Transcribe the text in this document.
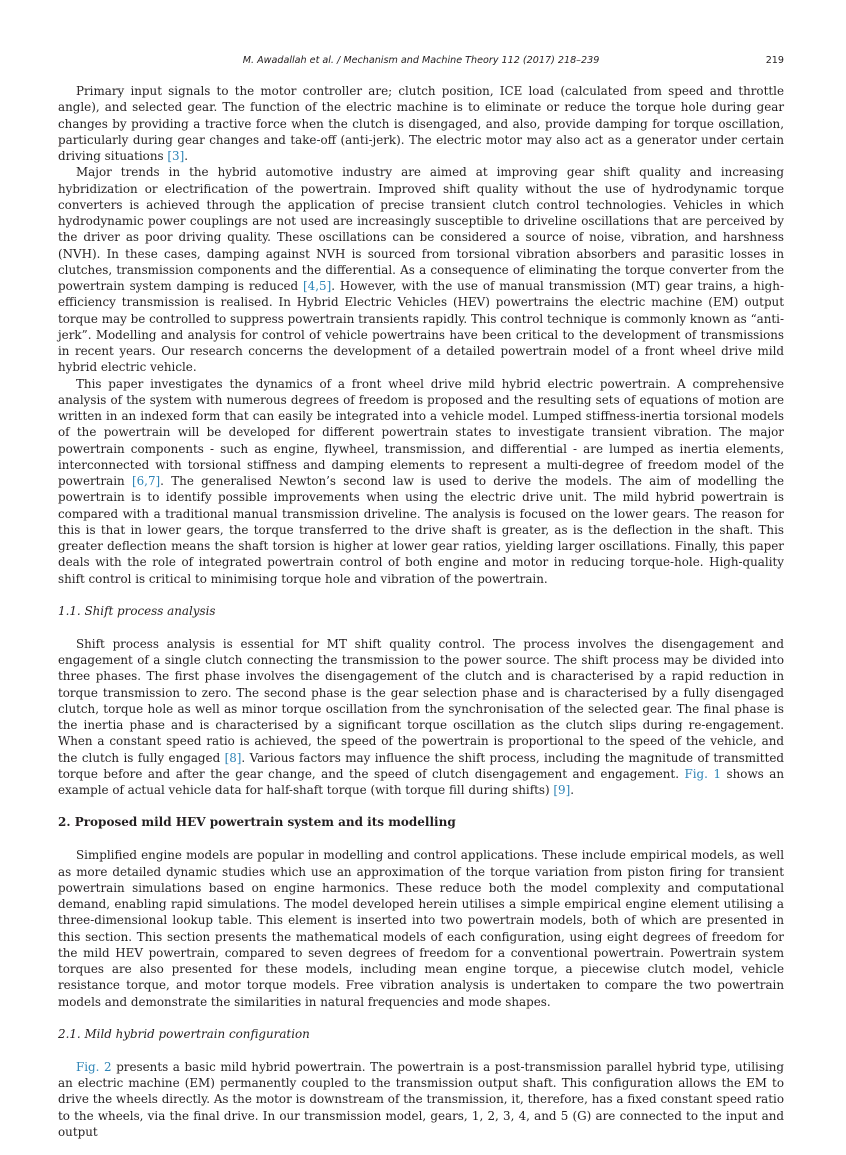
M. Awadallah et al. / Mechanism and Machine Theory 112 (2017) 218–239	219

Primary input signals to the motor controller are; clutch position, ICE load (calculated from speed and throttle angle), and selected gear. The function of the electric machine is to eliminate or reduce the torque hole during gear changes by providing a tractive force when the clutch is disengaged, and also, provide damping for torque oscillation, particularly during gear changes and take-off (anti-jerk). The electric motor may also act as a generator under certain driving situations [3].

Major trends in the hybrid automotive industry are aimed at improving gear shift quality and increasing hybridization or electrification of the powertrain. Improved shift quality without the use of hydrodynamic torque converters is achieved through the application of precise transient clutch control technologies. Vehicles in which hydrodynamic power couplings are not used are increasingly susceptible to driveline oscillations that are perceived by the driver as poor driving quality. These oscillations can be considered a source of noise, vibration, and harshness (NVH). In these cases, damping against NVH is sourced from torsional vibration absorbers and parasitic losses in clutches, transmission components and the differential. As a consequence of eliminating the torque converter from the powertrain system damping is reduced [4,5]. However, with the use of manual transmission (MT) gear trains, a high-efficiency transmission is realised. In Hybrid Electric Vehicles (HEV) powertrains the electric machine (EM) output torque may be controlled to suppress powertrain transients rapidly. This control technique is commonly known as “anti-jerk”. Modelling and analysis for control of vehicle powertrains have been critical to the development of transmissions in recent years. Our research concerns the development of a detailed powertrain model of a front wheel drive mild hybrid electric vehicle.

This paper investigates the dynamics of a front wheel drive mild hybrid electric powertrain. A comprehensive analysis of the system with numerous degrees of freedom is proposed and the resulting sets of equations of motion are written in an indexed form that can easily be integrated into a vehicle model. Lumped stiffness-inertia torsional models of the powertrain will be developed for different powertrain states to investigate transient vibration. The major powertrain components - such as engine, flywheel, transmission, and differential - are lumped as inertia elements, interconnected with torsional stiffness and damping elements to represent a multi-degree of freedom model of the powertrain [6,7]. The generalised Newton’s second law is used to derive the models. The aim of modelling the powertrain is to identify possible improvements when using the electric drive unit. The mild hybrid powertrain is compared with a traditional manual transmission driveline. The analysis is focused on the lower gears. The reason for this is that in lower gears, the torque transferred to the drive shaft is greater, as is the deflection in the shaft. This greater deflection means the shaft torsion is higher at lower gear ratios, yielding larger oscillations. Finally, this paper deals with the role of integrated powertrain control of both engine and motor in reducing torque-hole. High-quality shift control is critical to minimising torque hole and vibration of the powertrain.

1.1. Shift process analysis

Shift process analysis is essential for MT shift quality control. The process involves the disengagement and engagement of a single clutch connecting the transmission to the power source. The shift process may be divided into three phases. The first phase involves the disengagement of the clutch and is characterised by a rapid reduction in torque transmission to zero. The second phase is the gear selection phase and is characterised by a fully disengaged clutch, torque hole as well as minor torque oscillation from the synchronisation of the selected gear. The final phase is the inertia phase and is characterised by a significant torque oscillation as the clutch slips during re-engagement. When a constant speed ratio is achieved, the speed of the powertrain is proportional to the speed of the vehicle, and the clutch is fully engaged [8]. Various factors may influence the shift process, including the magnitude of transmitted torque before and after the gear change, and the speed of clutch disengagement and engagement. Fig. 1 shows an example of actual vehicle data for half-shaft torque (with torque fill during shifts) [9].

2. Proposed mild HEV powertrain system and its modelling

Simplified engine models are popular in modelling and control applications. These include empirical models, as well as more detailed dynamic studies which use an approximation of the torque variation from piston firing for transient powertrain simulations based on engine harmonics. These reduce both the model complexity and computational demand, enabling rapid simulations. The model developed herein utilises a simple empirical engine element utilising a three-dimensional lookup table. This element is inserted into two powertrain models, both of which are presented in this section. This section presents the mathematical models of each configuration, using eight degrees of freedom for the mild HEV powertrain, compared to seven degrees of freedom for a conventional powertrain. Powertrain system torques are also presented for these models, including mean engine torque, a piecewise clutch model, vehicle resistance torque, and motor torque models. Free vibration analysis is undertaken to compare the two powertrain models and demonstrate the similarities in natural frequencies and mode shapes.

2.1. Mild hybrid powertrain configuration

Fig. 2 presents a basic mild hybrid powertrain. The powertrain is a post-transmission parallel hybrid type, utilising an electric machine (EM) permanently coupled to the transmission output shaft. This configuration allows the EM to drive the wheels directly. As the motor is downstream of the transmission, it, therefore, has a fixed constant speed ratio to the wheels, via the final drive. In our transmission model, gears, 1, 2, 3, 4, and 5 (G) are connected to the input and output
